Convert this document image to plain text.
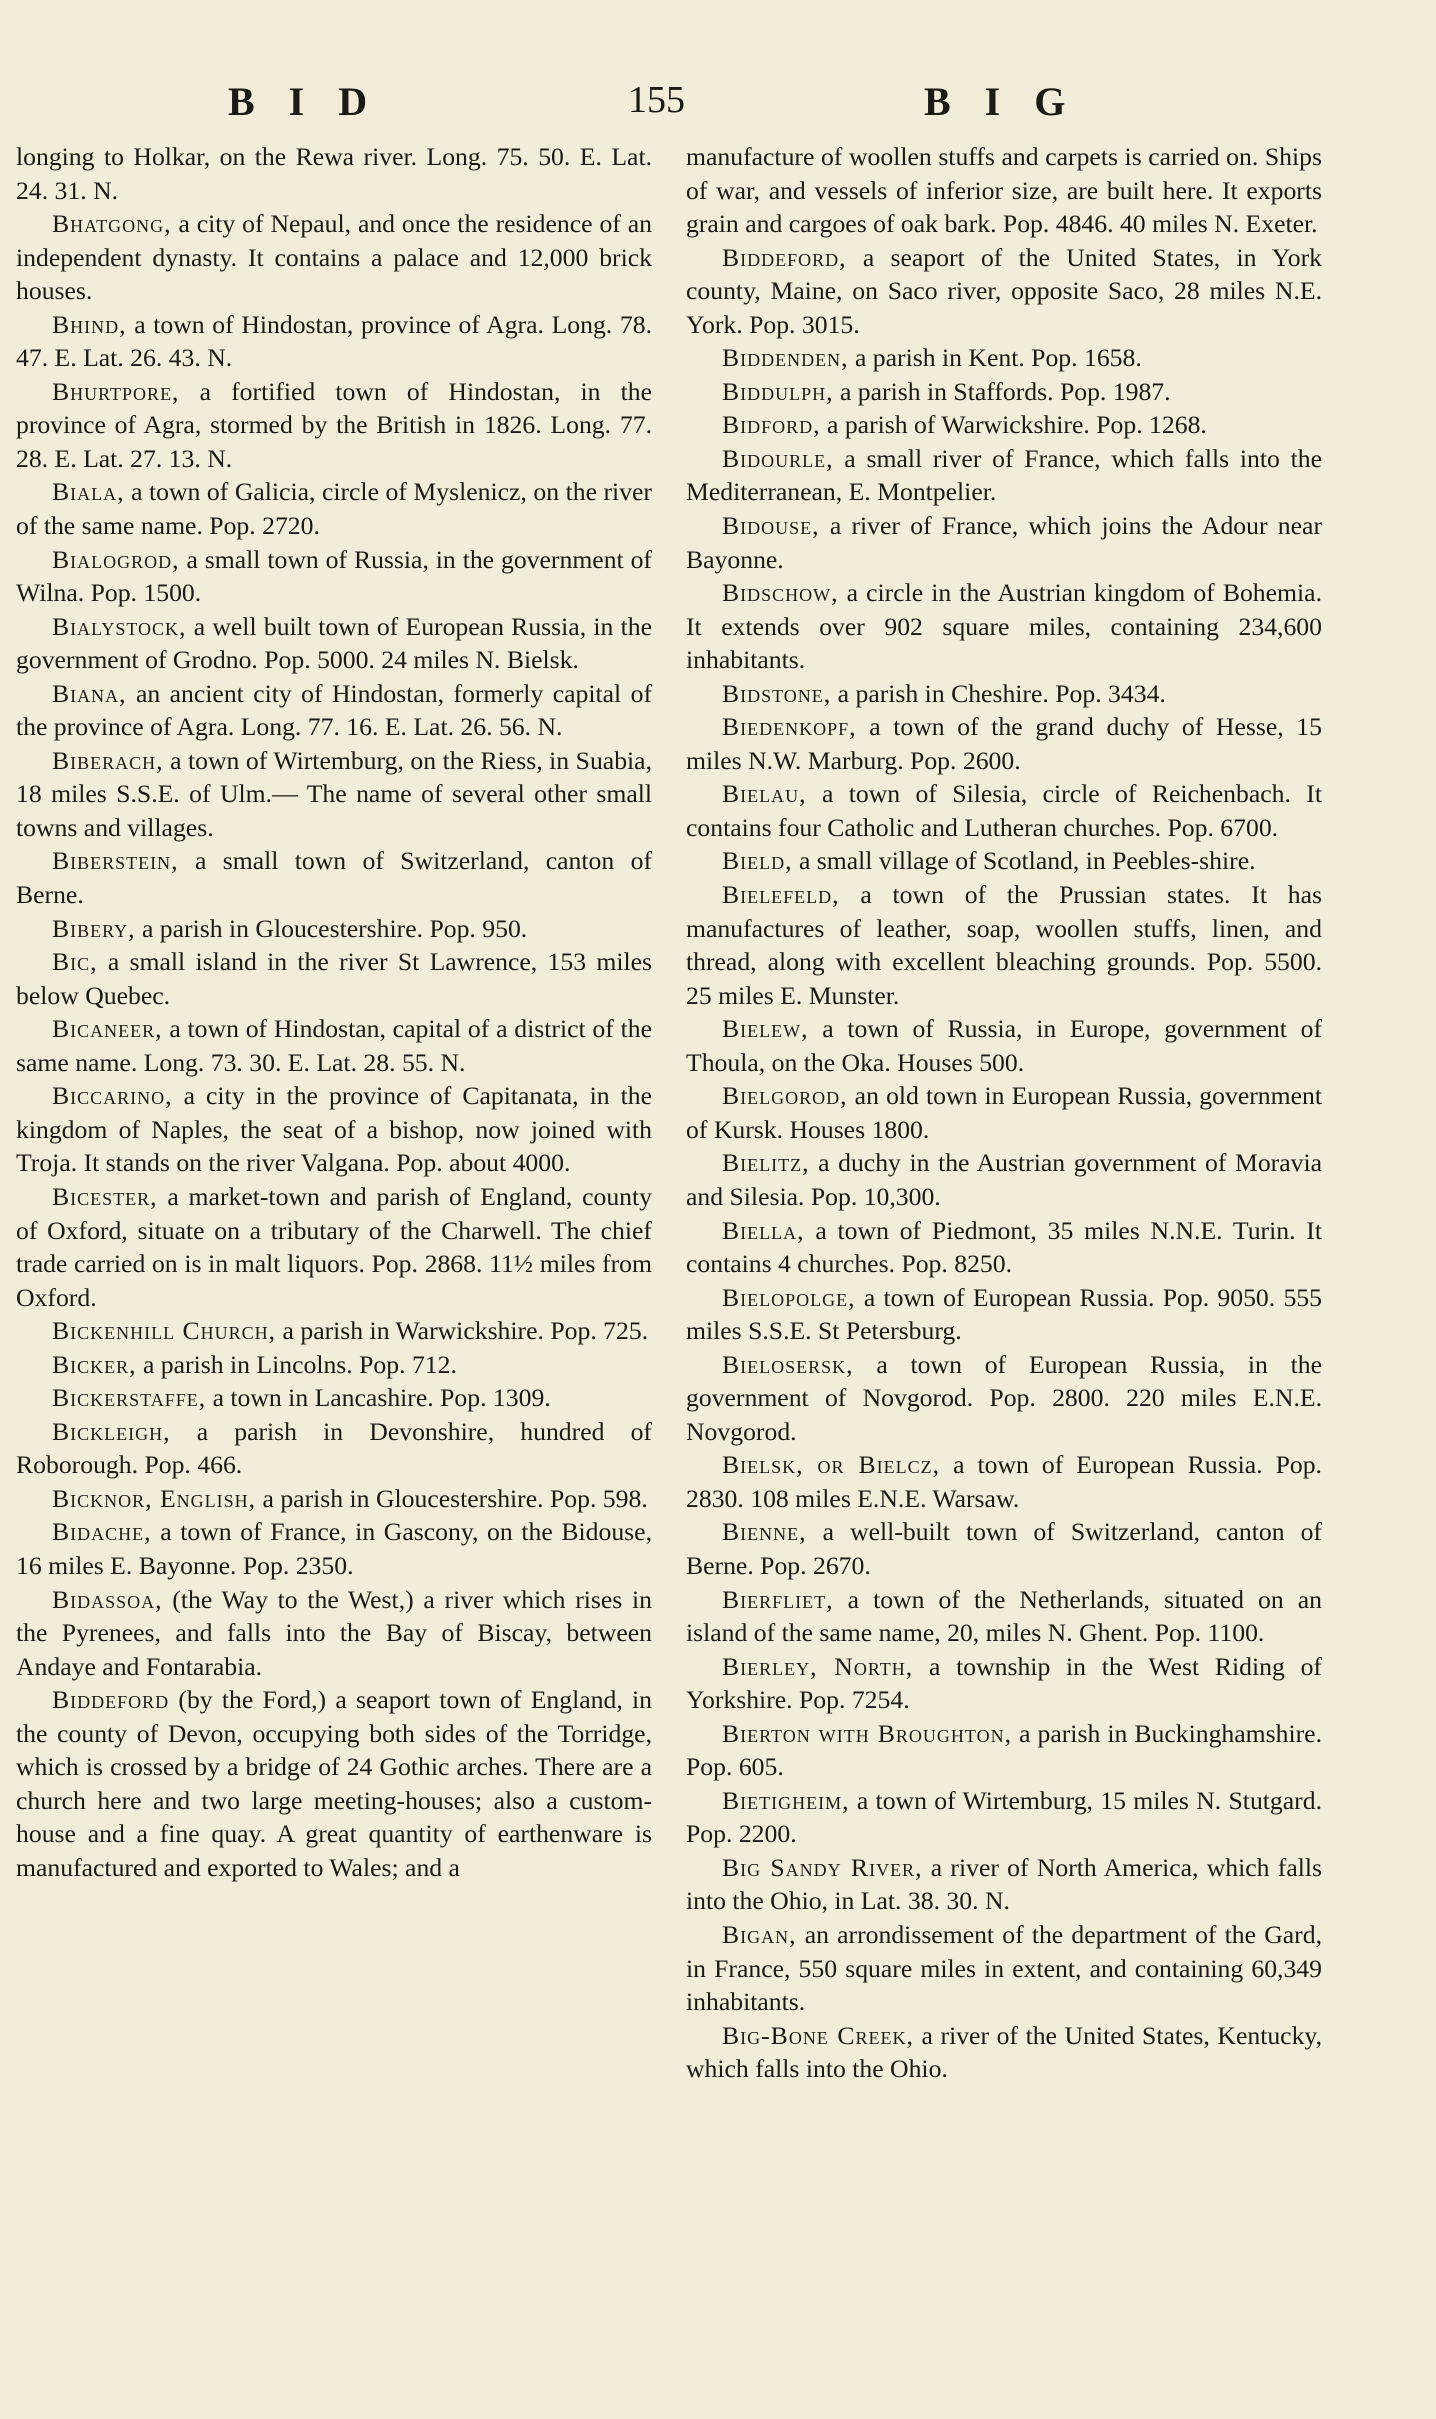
BID	155	BIG

longing to Holkar, on the Rewa river. Long. 75. 50. E. Lat. 24. 31. N.

Bhatgong, a city of Nepaul, and once the residence of an independent dynasty. It contains a palace and 12,000 brick houses.

Bhind, a town of Hindostan, province of Agra. Long. 78. 47. E. Lat. 26. 43. N.

Bhurtpore, a fortified town of Hindostan, in the province of Agra, stormed by the British in 1826. Long. 77. 28. E. Lat. 27. 13. N.

Biala, a town of Galicia, circle of Myslenicz, on the river of the same name. Pop. 2720.

Bialogrod, a small town of Russia, in the government of Wilna. Pop. 1500.

Bialystock, a well built town of European Russia, in the government of Grodno. Pop. 5000. 24 miles N. Bielsk.

Biana, an ancient city of Hindostan, formerly capital of the province of Agra. Long. 77. 16. E. Lat. 26. 56. N.

Biberach, a town of Wirtemburg, on the Riess, in Suabia, 18 miles S.S.E. of Ulm.— The name of several other small towns and villages.

Biberstein, a small town of Switzerland, canton of Berne.

Bibery, a parish in Gloucestershire. Pop. 950.

Bic, a small island in the river St Lawrence, 153 miles below Quebec.

Bicaneer, a town of Hindostan, capital of a district of the same name. Long. 73. 30. E. Lat. 28. 55. N.

Biccarino, a city in the province of Capitanata, in the kingdom of Naples, the seat of a bishop, now joined with Troja. It stands on the river Valgana. Pop. about 4000.

Bicester, a market-town and parish of England, county of Oxford, situate on a tributary of the Charwell. The chief trade carried on is in malt liquors. Pop. 2868. 11½ miles from Oxford.

Bickenhill Church, a parish in Warwickshire. Pop. 725.

Bicker, a parish in Lincolns. Pop. 712.

Bickerstaffe, a town in Lancashire. Pop. 1309.

Bickleigh, a parish in Devonshire, hundred of Roborough. Pop. 466.

Bicknor, English, a parish in Gloucestershire. Pop. 598.

Bidache, a town of France, in Gascony, on the Bidouse, 16 miles E. Bayonne. Pop. 2350.

Bidassoa, (the Way to the West,) a river which rises in the Pyrenees, and falls into the Bay of Biscay, between Andaye and Fontarabia.

Biddeford (by the Ford,) a seaport town of England, in the county of Devon, occupying both sides of the Torridge, which is crossed by a bridge of 24 Gothic arches. There are a church here and two large meeting-houses; also a custom-house and a fine quay. A great quantity of earthenware is manufactured and exported to Wales; and a

manufacture of woollen stuffs and carpets is carried on. Ships of war, and vessels of inferior size, are built here. It exports grain and cargoes of oak bark. Pop. 4846. 40 miles N. Exeter.

Biddeford, a seaport of the United States, in York county, Maine, on Saco river, opposite Saco, 28 miles N.E. York. Pop. 3015.

Biddenden, a parish in Kent. Pop. 1658.

Biddulph, a parish in Staffords. Pop. 1987.

Bidford, a parish of Warwickshire. Pop. 1268.

Bidourle, a small river of France, which falls into the Mediterranean, E. Montpelier.

Bidouse, a river of France, which joins the Adour near Bayonne.

Bidschow, a circle in the Austrian kingdom of Bohemia. It extends over 902 square miles, containing 234,600 inhabitants.

Bidstone, a parish in Cheshire. Pop. 3434.

Biedenkopf, a town of the grand duchy of Hesse, 15 miles N.W. Marburg. Pop. 2600.

Bielau, a town of Silesia, circle of Reichenbach. It contains four Catholic and Lutheran churches. Pop. 6700.

Bield, a small village of Scotland, in Peebles-shire.

Bielefeld, a town of the Prussian states. It has manufactures of leather, soap, woollen stuffs, linen, and thread, along with excellent bleaching grounds. Pop. 5500. 25 miles E. Munster.

Bielew, a town of Russia, in Europe, government of Thoula, on the Oka. Houses 500.

Bielgorod, an old town in European Russia, government of Kursk. Houses 1800.

Bielitz, a duchy in the Austrian government of Moravia and Silesia. Pop. 10,300.

Biella, a town of Piedmont, 35 miles N.N.E. Turin. It contains 4 churches. Pop. 8250.

Bielopolge, a town of European Russia. Pop. 9050. 555 miles S.S.E. St Petersburg.

Bielosersk, a town of European Russia, in the government of Novgorod. Pop. 2800. 220 miles E.N.E. Novgorod.

Bielsk, or Bielcz, a town of European Russia. Pop. 2830. 108 miles E.N.E. Warsaw.

Bienne, a well-built town of Switzerland, canton of Berne. Pop. 2670.

Bierfliet, a town of the Netherlands, situated on an island of the same name, 20, miles N. Ghent. Pop. 1100.

Bierley, North, a township in the West Riding of Yorkshire. Pop. 7254.

Bierton with Broughton, a parish in Buckinghamshire. Pop. 605.

Bietigheim, a town of Wirtemburg, 15 miles N. Stutgard. Pop. 2200.

Big Sandy River, a river of North America, which falls into the Ohio, in Lat. 38. 30. N.

Bigan, an arrondissement of the department of the Gard, in France, 550 square miles in extent, and containing 60,349 inhabitants.

Big-Bone Creek, a river of the United States, Kentucky, which falls into the Ohio.
